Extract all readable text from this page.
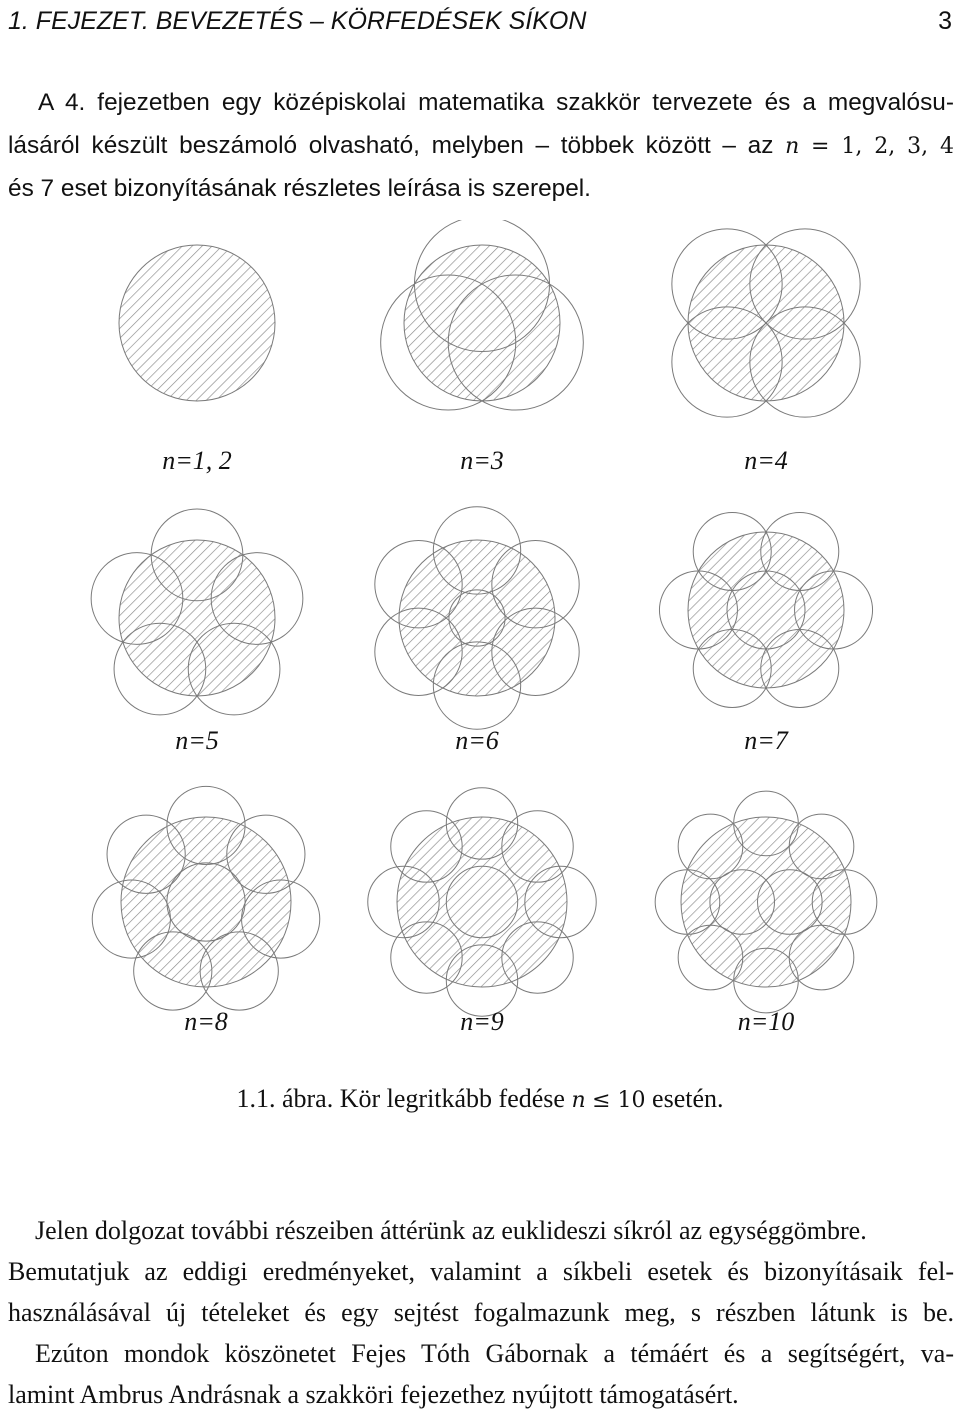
1. FEJEZET. BEVEZETÉS – KÖRFEDÉSEK SÍKON	3
A 4. fejezetben egy középiskolai matematika szakkör tervezete és a megvalósu-
lásáról készült beszámoló olvasható, melyben – többek között – az n = 1, 2, 3, 4
és 7 eset bizonyításának részletes leírása is szerepel.
n=1, 2	n=3	n=4
n=5	n=6	n=7
n=8	n=9	n=10
1.1. ábra. Kör legritkább fedése n ≤ 10 esetén.
Jelen dolgozat további részeiben áttérünk az euklideszi síkról az egységgömbre.
Bemutatjuk az eddigi eredményeket, valamint a síkbeli esetek és bizonyításaik fel-
használásával új tételeket és egy sejtést fogalmazunk meg, s részben látunk is be.
Ezúton mondok köszönetet Fejes Tóth Gábornak a témáért és a segítségért, va-
lamint Ambrus Andrásnak a szakköri fejezethez nyújtott támogatásért.
